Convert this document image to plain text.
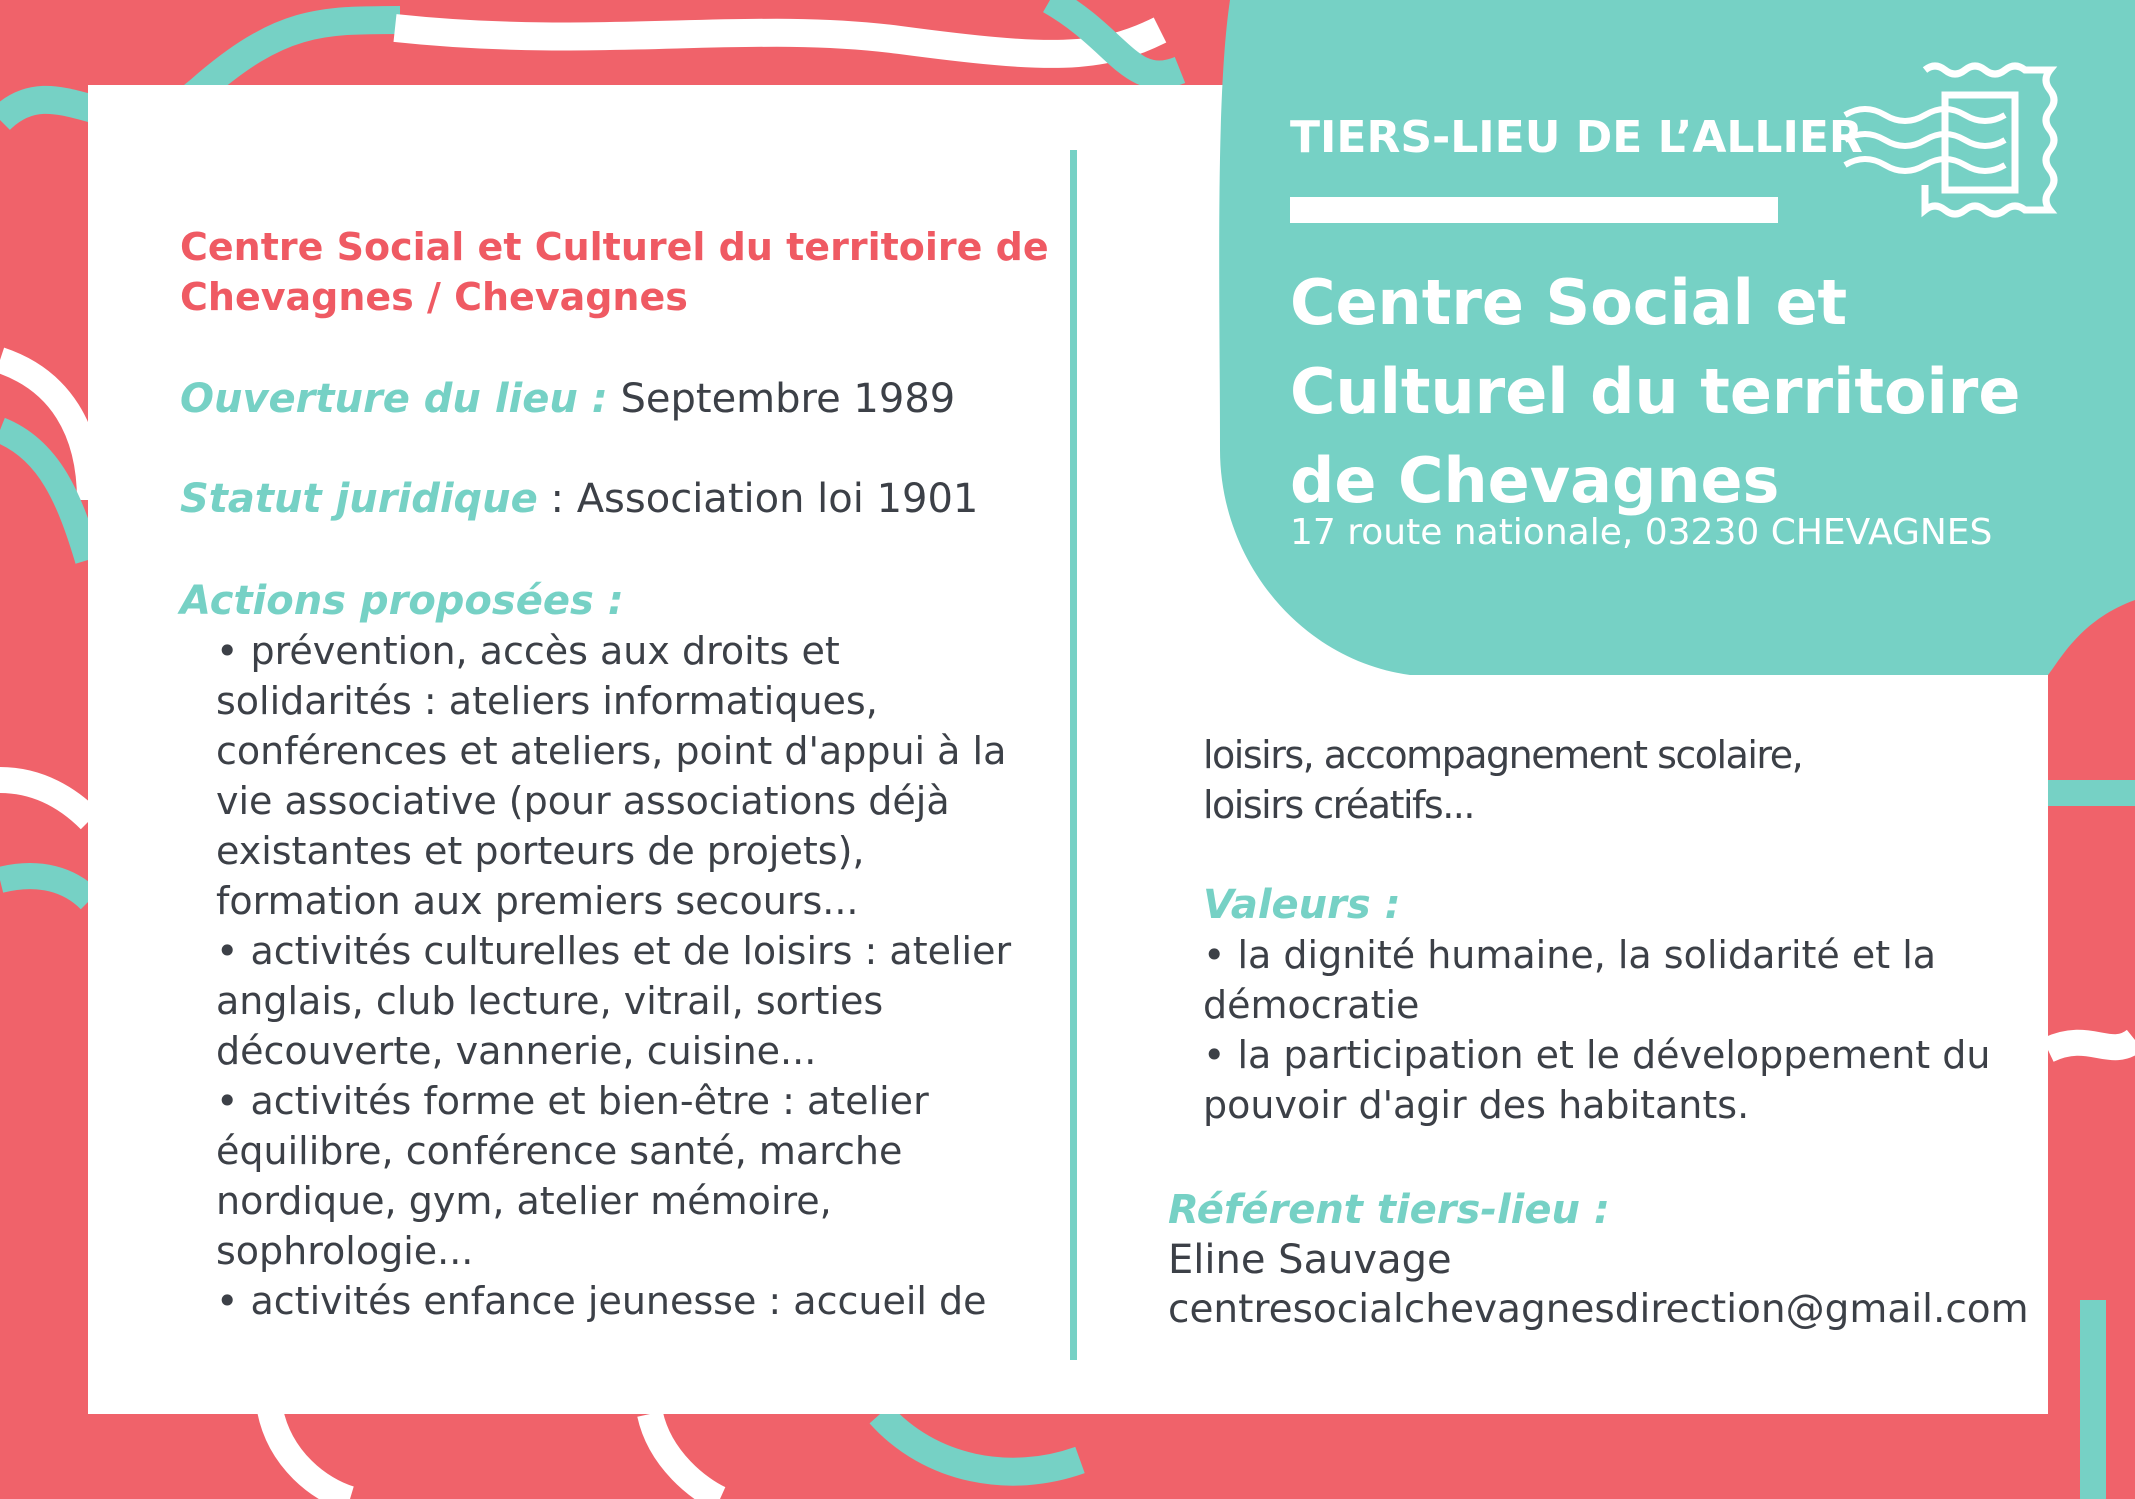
TIERS-LIEU DE L’ALLIER
Centre Social et
Culturel du territoire
de Chevagnes
17 route nationale, 03230 CHEVAGNES
Centre Social et Culturel du territoire de
Chevagnes / Chevagnes
Ouverture du lieu : Septembre 1989
Statut juridique : Association loi 1901
Actions proposées :
• prévention, accès aux droits et solidarités : ateliers informatiques, conférences et ateliers, point d'appui à la vie associative (pour associations déjà existantes et porteurs de projets), formation aux premiers secours...
• activités culturelles et de loisirs : atelier anglais, club lecture, vitrail, sorties découverte, vannerie, cuisine...
• activités forme et bien-être : atelier équilibre, conférence santé, marche nordique, gym, atelier mémoire, sophrologie...
• activités enfance jeunesse : accueil de
loisirs, accompagnement scolaire, loisirs créatifs...
Valeurs :
• la dignité humaine, la solidarité et la démocratie
• la participation et le développement du pouvoir d'agir des habitants.
Référent tiers-lieu :
Eline Sauvage
centresocialchevagnesdirection@gmail.com
